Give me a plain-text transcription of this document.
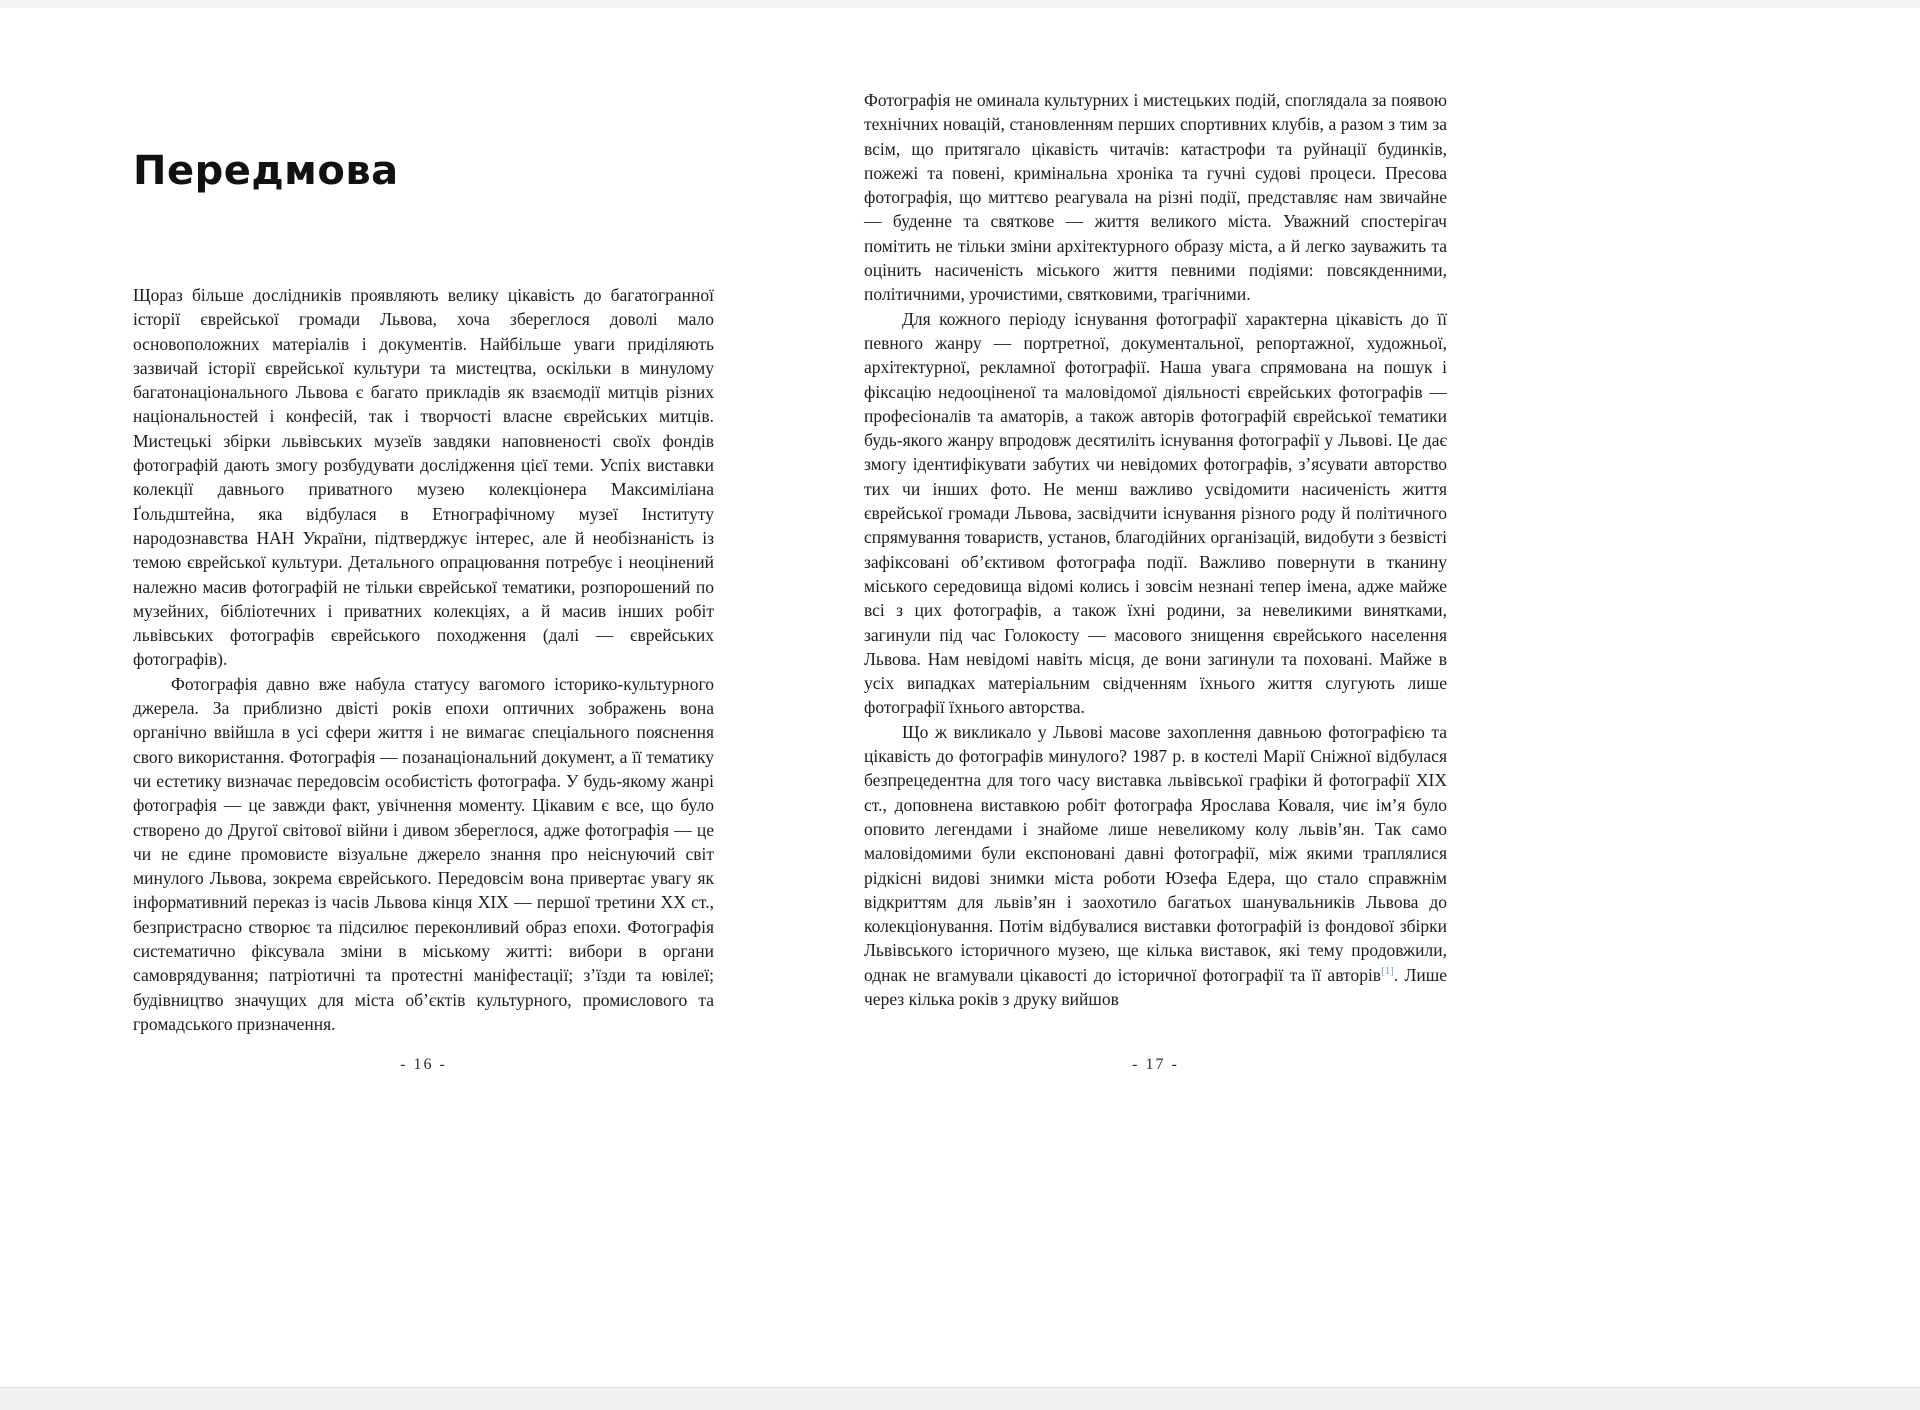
Передмова

Щораз більше дослідників проявляють велику цікавість до багатогранної історії єврейської громади Львова, хоча збереглося доволі мало основоположних матеріалів і документів. Найбільше уваги приділяють зазвичай історії єврейської культури та мистецтва, оскільки в минулому багатонаціонального Львова є багато прикладів як взаємодії митців різних національностей і конфесій, так і творчості власне єврейських митців. Мистецькі збірки львівських музеїв завдяки наповненості своїх фондів фотографій дають змогу розбудувати дослідження цієї теми. Успіх виставки колекції давнього приватного музею колекціонера Максиміліана Ґольдштейна, яка відбулася в Етнографічному музеї Інституту народознавства НАН України, підтверджує інтерес, але й необізнаність із темою єврейської культури. Детального опрацювання потребує і неоцінений належно масив фотографій не тільки єврейської тематики, розпорошений по музейних, бібліотечних і приватних колекціях, а й масив інших робіт львівських фотографів єврейського походження (далі — єврейських фотографів).

Фотографія давно вже набула статусу вагомого історико-культурного джерела. За приблизно двісті років епохи оптичних зображень вона органічно ввійшла в усі сфери життя і не вимагає спеціального пояснення свого використання. Фотографія — позанаціональний документ, а її тематику чи естетику визначає передовсім особистість фотографа. У будь-якому жанрі фотографія — це завжди факт, увічнення моменту. Цікавим є все, що було створено до Другої світової війни і дивом збереглося, адже фотографія — це чи не єдине промовисте візуальне джерело знання про неіснуючий світ минулого Львова, зокрема єврейського. Передовсім вона привертає увагу як інформативний переказ із часів Львова кінця XIX — першої третини XX ст., безпристрасно створює та підсилює переконливий образ епохи. Фотографія систематично фіксувала зміни в міському житті: вибори в органи самоврядування; патріотичні та протестні маніфестації; з’їзди та ювілеї; будівництво значущих для міста об’єктів культурного, промислового та громадського призначення.

Фотографія не оминала культурних і мистецьких подій, споглядала за появою технічних новацій, становленням перших спортивних клубів, а разом з тим за всім, що притягало цікавість читачів: катастрофи та руйнації будинків, пожежі та повені, кримінальна хроніка та гучні судові процеси. Пресова фотографія, що миттєво реагувала на різні події, представляє нам звичайне — буденне та святкове — життя великого міста. Уважний спостерігач помітить не тільки зміни архітектурного образу міста, а й легко зауважить та оцінить насиченість міського життя певними подіями: повсякденними, політичними, урочистими, святковими, трагічними.

Для кожного періоду існування фотографії характерна цікавість до її певного жанру — портретної, документальної, репортажної, художньої, архітектурної, рекламної фотографії. Наша увага спрямована на пошук і фіксацію недооціненої та маловідомої діяльності єврейських фотографів — професіоналів та аматорів, а також авторів фотографій єврейської тематики будь-якого жанру впродовж десятиліть існування фотографії у Львові. Це дає змогу ідентифікувати забутих чи невідомих фотографів, з’ясувати авторство тих чи інших фото. Не менш важливо усвідомити насиченість життя єврейської громади Львова, засвідчити існування різного роду й політичного спрямування товариств, установ, благодійних організацій, видобути з безвісті зафіксовані об’єктивом фотографа події. Важливо повернути в тканину міського середовища відомі колись і зовсім незнані тепер імена, адже майже всі з цих фотографів, а також їхні родини, за невеликими винятками, загинули під час Голокосту — масового знищення єврейського населення Львова. Нам невідомі навіть місця, де вони загинули та поховані. Майже в усіх випадках матеріальним свідченням їхнього життя слугують лише фотографії їхнього авторства.

Що ж викликало у Львові масове захоплення давньою фотографією та цікавість до фотографів минулого? 1987 р. в костелі Марії Сніжної відбулася безпрецедентна для того часу виставка львівської графіки й фотографії XIX ст., доповнена виставкою робіт фотографа Ярослава Коваля, чиє ім’я було оповито легендами і знайоме лише невеликому колу львів’ян. Так само маловідомими були експоновані давні фотографії, між якими траплялися рідкісні видові знимки міста роботи Юзефа Едера, що стало справжнім відкриттям для львів’ян і заохотило багатьох шанувальників Львова до колекціонування. Потім відбувалися виставки фотографій із фондової збірки Львівського історичного музею, ще кілька виставок, які тему продовжили, однак не вгамували цікавості до історичної фотографії та її авторів[1]. Лише через кілька років з друку вийшов

- 16 -	- 17 -
